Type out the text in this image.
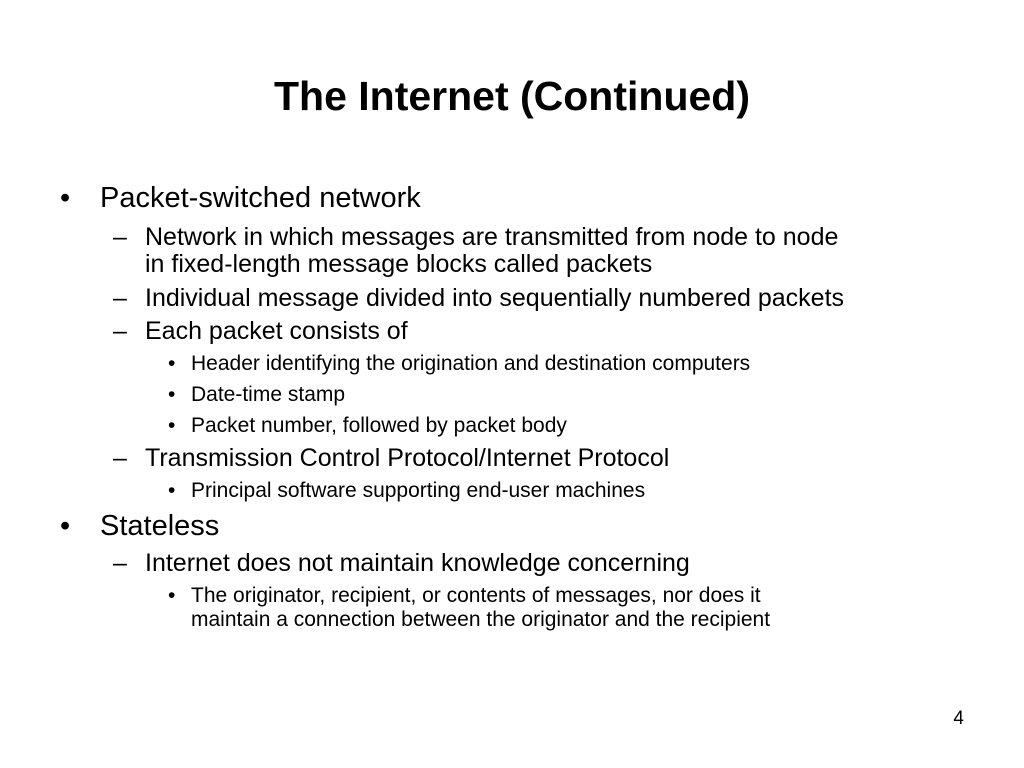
The Internet (Continued)
• Packet-switched network
– Network in which messages are transmitted from node to node
in fixed-length message blocks called packets
– Individual message divided into sequentially numbered packets
– Each packet consists of
• Header identifying the origination and destination computers
• Date-time stamp
• Packet number, followed by packet body
– Transmission Control Protocol/Internet Protocol
• Principal software supporting end-user machines
• Stateless
– Internet does not maintain knowledge concerning
• The originator, recipient, or contents of messages, nor does it
maintain a connection between the originator and the recipient
4
